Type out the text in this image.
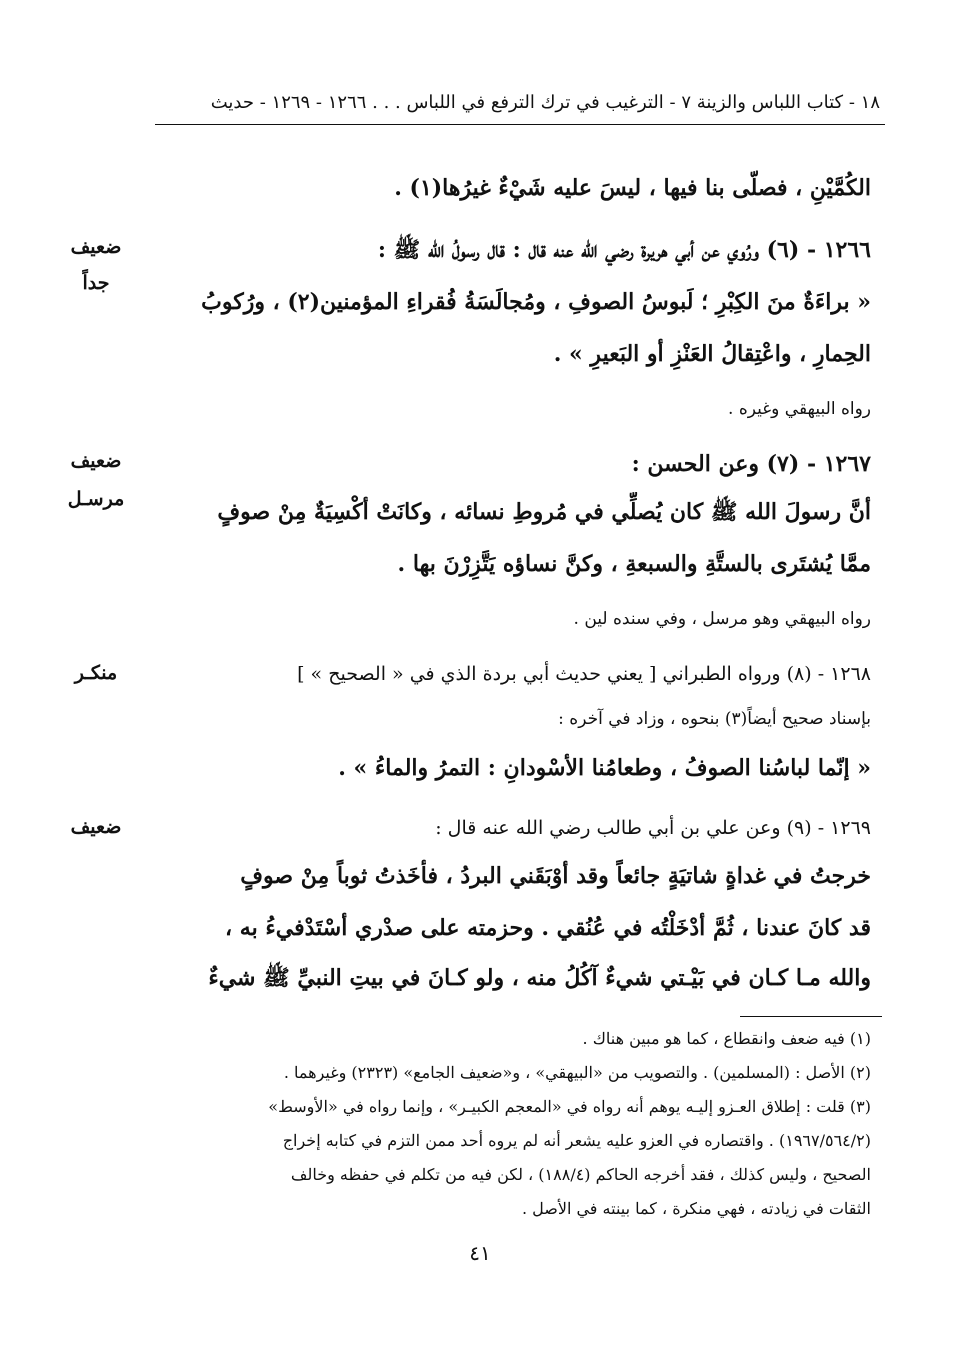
١٨ - كتاب اللباس والزينة ٧ - الترغيب في ترك الترفع في اللباس . . . ١٢٦٦ - ١٢٦٩ - حديث
الكُمَّيْنِ ، فصلّى بنا فيها ، ليسَ عليه شَيْءٌ غيرُها(١) .
١٢٦٦ - (٦) ورُوي عن أبي هريرة رضي الله عنه قال : قال رسولُ الله ﷺ :
« براءَةٌ منَ الكِبْرِ ؛ لَبوسُ الصوفِ ، ومُجالَسَةُ فُقراءِ المؤمنين(٢) ، ورُكوبُ
الحِمارِ ، واعْتِقالُ العَنْزِ أو البَعيرِ » .
رواه البيهقي وغيره .
١٢٦٧ - (٧) وعن الحسن :
أنَّ رسولَ الله ﷺ كان يُصلِّي في مُروطِ نسائه ، وكانَتْ أكْسِيَةٌ مِنْ صوفٍ
ممَّا يُشتَرى بالستَّةِ والسبعةِ ، وكنَّ نساؤه يَتَّزِرْنَ بها .
رواه البيهقي وهو مرسل ، وفي سنده لين .
١٢٦٨ - (٨) ورواه الطبراني [ يعني حديث أبي بردة الذي في « الصحيح » ]
بإسناد صحيح أيضاً(٣) بنحوه ، وزاد في آخره :
« إنّما لباسُنا الصوفُ ، وطعامُنا الأسْودانِ : التمرُ والماءُ » .
١٢٦٩ - (٩) وعن علي بن أبي طالب رضي الله عنه قال :
خرجتُ في غداةٍ شاتيَةٍ جائعاً وقد أوْبَقَني البردُ ، فأخَذتُ ثوباً مِنْ صوفٍ
قد كانَ عندنا ، ثُمَّ أدْخَلْتُه في عُنُقي . وحزمته على صدْري أسْتَدْفيءُ به ،
والله مـا كـان في بَيْـتي شيءٌ آكُلُ منه ، ولو كـانَ في بيتِ النبيِّ ﷺ شيءٌ
ضعيف
جداً
ضعيف
مرسـل
منكـر
ضعيف
(١) فيه ضعف وانقطاع ، كما هو مبين هناك .
(٢) الأصل : (المسلمين) . والتصويب من «البيهقي» ، و«ضعيف الجامع» (٢٣٢٣) وغيرهما .
(٣) قلت : إطلاق العـزو إليـه يوهم أنه رواه في «المعجم الكبيـر» ، وإنما رواه في «الأوسط»
(١٩٦٧/٥٦٤/٢) . واقتصاره في العزو عليه يشعر أنه لم يروه أحد ممن التزم في كتابه إخراج
الصحيح ، وليس كذلك ، فقد أخرجه الحاكم (١٨٨/٤) ، لكن فيه من تكلم في حفظه وخالف
الثقات في زيادته ، فهي منكرة ، كما بينته في الأصل .
٤١
